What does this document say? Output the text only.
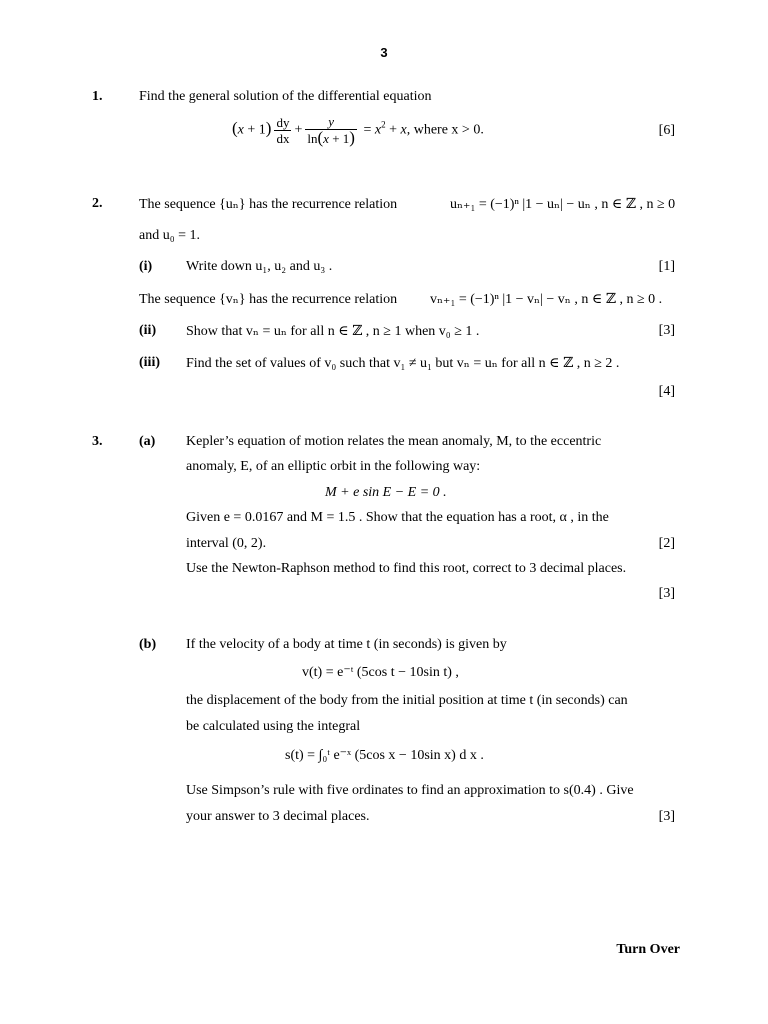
3
1.	Find the general solution of the differential equation
$(x + 1) \frac{dy}{dx} + \frac{y}{\ln(x + 1)} = x^2 + x$, where x > 0.	[6]
2.	The sequence {uₙ} has the recurrence relation	uₙ₊₁ = (−1)ⁿ |1 − uₙ| − uₙ , n ∈ ℤ , n ≥ 0
and u₀ = 1.
(i) Write down u₁, u₂ and u₃ .	[1]
The sequence {vₙ} has the recurrence relation vₙ₊₁ = (−1)ⁿ |1 − vₙ| − vₙ , n ∈ ℤ , n ≥ 0 .
(ii) Show that vₙ = uₙ for all n ∈ ℤ , n ≥ 1 when v₀ ≥ 1 .	[3]
(iii) Find the set of values of v₀ such that v₁ ≠ u₁ but vₙ = uₙ for all n ∈ ℤ , n ≥ 2 .
[4]
3.	(a) Kepler’s equation of motion relates the mean anomaly, M, to the eccentric
anomaly, E, of an elliptic orbit in the following way:
M + e sin E − E = 0 .
Given e = 0.0167 and M = 1.5 . Show that the equation has a root, α , in the
interval (0, 2).	[2]
Use the Newton-Raphson method to find this root, correct to 3 decimal places.
[3]
(b) If the velocity of a body at time t (in seconds) is given by
v(t) = e⁻ᵗ (5cos t − 10sin t) ,
the displacement of the body from the initial position at time t (in seconds) can
be calculated using the integral
s(t) = ∫₀ᵗ e⁻ˣ (5cos x − 10sin x) d x .
Use Simpson’s rule with five ordinates to find an approximation to s(0.4) . Give
your answer to 3 decimal places.	[3]
Turn Over
